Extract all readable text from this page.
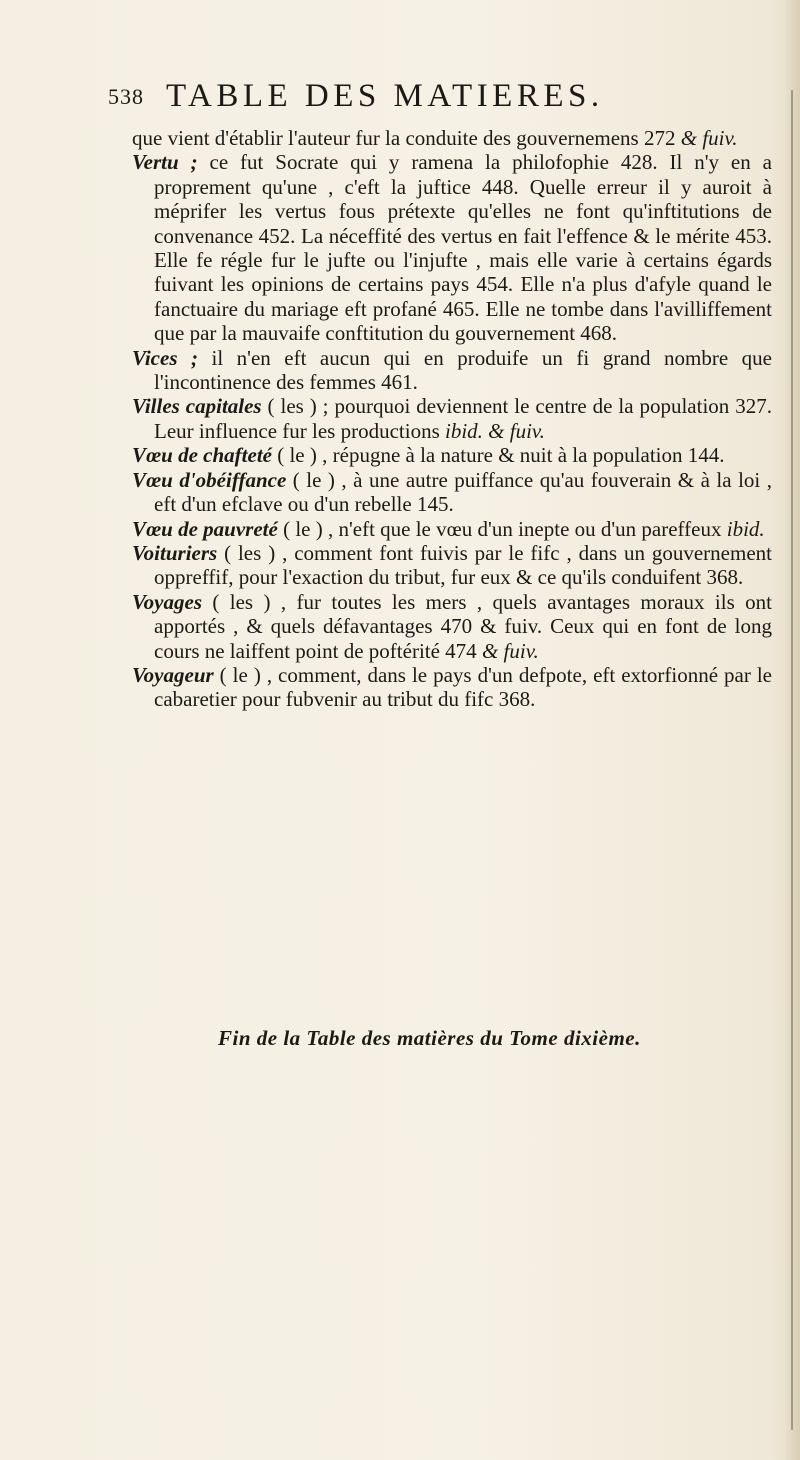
538 TABLE DES MATIERES.

que vient d'établir l'auteur fur la conduite des gouvernemens 272 & fuiv.

Vertu ; ce fut Socrate qui y ramena la philofophie 428. Il n'y en a proprement qu'une , c'eft la juftice 448. Quelle erreur il y auroit à méprifer les vertus fous prétexte qu'elles ne font qu'inftitutions de convenance 452. La néceffité des vertus en fait l'effence & le mérite 453. Elle fe régle fur le jufte ou l'injufte , mais elle varie à certains égards fuivant les opinions de certains pays 454. Elle n'a plus d'afyle quand le fanctuaire du mariage eft profané 465. Elle ne tombe dans l'avilliffement que par la mauvaife conftitution du gouvernement 468.

Vices ; il n'en eft aucun qui en produife un fi grand nombre que l'incontinence des femmes 461.

Villes capitales ( les ) ; pourquoi deviennent le centre de la population 327. Leur influence fur les productions ibid. & fuiv.

Vœu de chafteté ( le ) , répugne à la nature & nuit à la population 144.

Vœu d'obéiffance ( le ) , à une autre puiffance qu'au fouverain & à la loi , eft d'un efclave ou d'un rebelle 145.

Vœu de pauvreté ( le ) , n'eft que le vœu d'un inepte ou d'un pareffeux ibid.

Voituriers ( les ) , comment font fuivis par le fifc , dans un gouvernement oppreffif, pour l'exaction du tribut, fur eux & ce qu'ils conduifent 368.

Voyages ( les ) , fur toutes les mers , quels avantages moraux ils ont apportés , & quels défavantages 470 & fuiv. Ceux qui en font de long cours ne laiffent point de poftérité 474 & fuiv.

Voyageur ( le ) , comment, dans le pays d'un defpote, eft extorfionné par le cabaretier pour fubvenir au tribut du fifc 368.

Fin de la Table des matières du Tome dixième.
